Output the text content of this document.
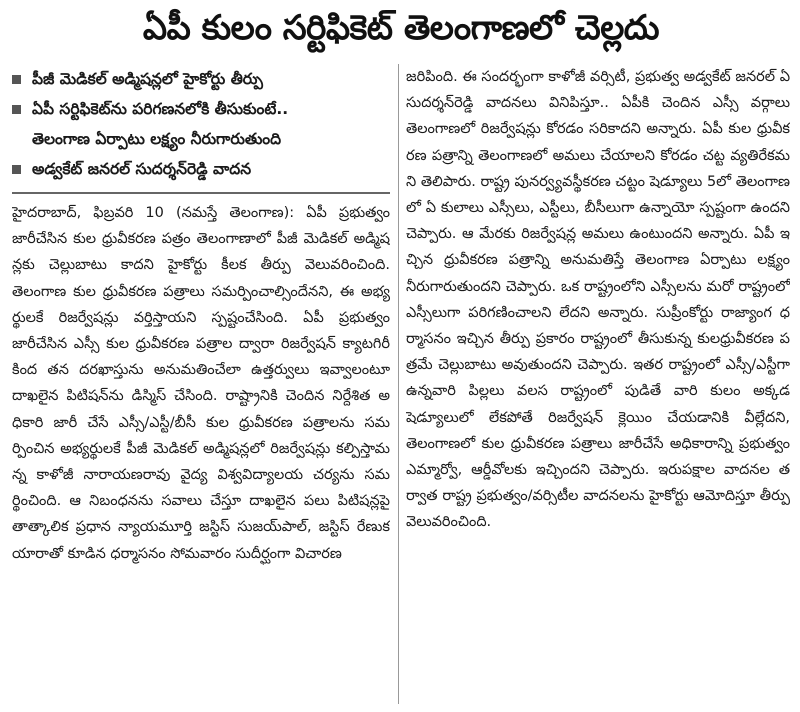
ఏపీ కులం సర్టిఫికెట్ తెలంగాణలో చెల్లదు
పీజీ మెడికల్ అడ్మిషన్లలో హైకోర్టు తీర్పు
ఏపీ సర్టిఫికెట్‌ను పరిగణనలోకి తీసుకుంటే..
తెలంగాణ ఏర్పాటు లక్ష్యం నీరుగారుతుంది
అడ్వకేట్ జనరల్ సుదర్శన్‌రెడ్డి వాదన

హైదరాబాద్, ఫిబ్రవరి 10 (నమస్తే తెలంగాణ): ఏపీ ప్రభుత్వం జారీచేసిన కుల ధ్రువీకరణ పత్రం తెలంగాణాలో పీజీ మెడికల్ అడ్మిషన్లకు చెల్లుబాటు కాదని హైకోర్టు కీలక తీర్పు వెలువరించింది. తెలంగాణ కుల ధ్రువీకరణ పత్రాలు సమర్పించాల్సిందేనని, ఈ అభ్యర్థులకే రిజర్వేషన్లు వర్తిస్తాయని స్పష్టంచేసింది. ఏపీ ప్రభుత్వం జారీచేసిన ఎస్సీ కుల ధ్రువీకరణ పత్రాల ద్వారా రిజర్వేషన్ క్యాటగిరీ కింద తన దరఖాస్తును అనుమతించేలా ఉత్తర్వులు ఇవ్వాలంటూ దాఖలైన పిటిషన్‌ను డిస్మిస్ చేసింది. రాష్ట్రానికి చెందిన నిర్దేశిత అధికారి జారీ చేసే ఎస్సీ/ఎస్టీ/బీసీ కుల ధ్రువీకరణ పత్రాలను సమర్పించిన అభ్యర్థులకే పీజీ మెడికల్ అడ్మిషన్లలో రిజర్వేషన్లు కల్పిస్తామన్న కాళోజీ నారాయణరావు వైద్య విశ్వవిద్యాలయ చర్యను సమర్థించింది. ఆ నిబంధనను సవాలు చేస్తూ దాఖలైన పలు పిటిషన్లపై తాత్కాలిక ప్రధాన న్యాయమూర్తి జస్టిస్ సుజయ్‌పాల్, జస్టిస్ రేణుక యారాతో కూడిన ధర్మాసనం సోమవారం సుదీర్ఘంగా విచారణ

జరిపింది. ఈ సందర్భంగా కాళోజీ వర్సిటీ, ప్రభుత్వ అడ్వకేట్ జనరల్ ఏ సుదర్శన్‌రెడ్డి వాదనలు వినిపిస్తూ.. ఏపీకి చెందిన ఎస్సీ వర్గాలు తెలంగాణలో రిజర్వేషన్లు కోరడం సరికాదని అన్నారు. ఏపీ కుల ధ్రువీకరణ పత్రాన్ని తెలంగాణలో అమలు చేయాలని కోరడం చట్ట వ్యతిరేకమని తెలిపారు. రాష్ట్ర పునర్వ్యవస్థీకరణ చట్టం షెడ్యూలు 5లో తెలంగాణలో ఏ కులాలు ఎస్సీలు, ఎస్టీలు, బీసీలుగా ఉన్నాయో స్పష్టంగా ఉందని చెప్పారు. ఆ మేరకు రిజర్వేషన్ల అమలు ఉంటుందని అన్నారు. ఏపీ ఇచ్చిన ధ్రువీకరణ పత్రాన్ని అనుమతిస్తే తెలంగాణ ఏర్పాటు లక్ష్యం నీరుగారుతుందని చెప్పారు. ఒక రాష్ట్రంలోని ఎస్సీలను మరో రాష్ట్రంలో ఎస్సీలుగా పరిగణించాలని లేదని అన్నారు. సుప్రీంకోర్టు రాజ్యాంగ ధర్మాసనం ఇచ్చిన తీర్పు ప్రకారం రాష్ట్రంలో తీసుకున్న కులధ్రువీకరణ పత్రమే చెల్లుబాటు అవుతుందని చెప్పారు. ఇతర రాష్ట్రంలో ఎస్సీ/ఎస్టీగా ఉన్నవారి పిల్లలు వలస రాష్ట్రంలో పుడితే వారి కులం అక్కడ షెడ్యూలులో లేకపోతే రిజర్వేషన్ క్లెయిం చేయడానికి వీల్లేదని, తెలంగాణలో కుల ధ్రువీకరణ పత్రాలు జారీచేసే అధికారాన్ని ప్రభుత్వం ఎమ్మార్వో, ఆర్డీవోలకు ఇచ్చిందని చెప్పారు. ఇరుపక్షాల వాదనల తర్వాత రాష్ట్ర ప్రభుత్వం/వర్సిటీల వాదనలను హైకోర్టు ఆమోదిస్తూ తీర్పు వెలువరించింది.
